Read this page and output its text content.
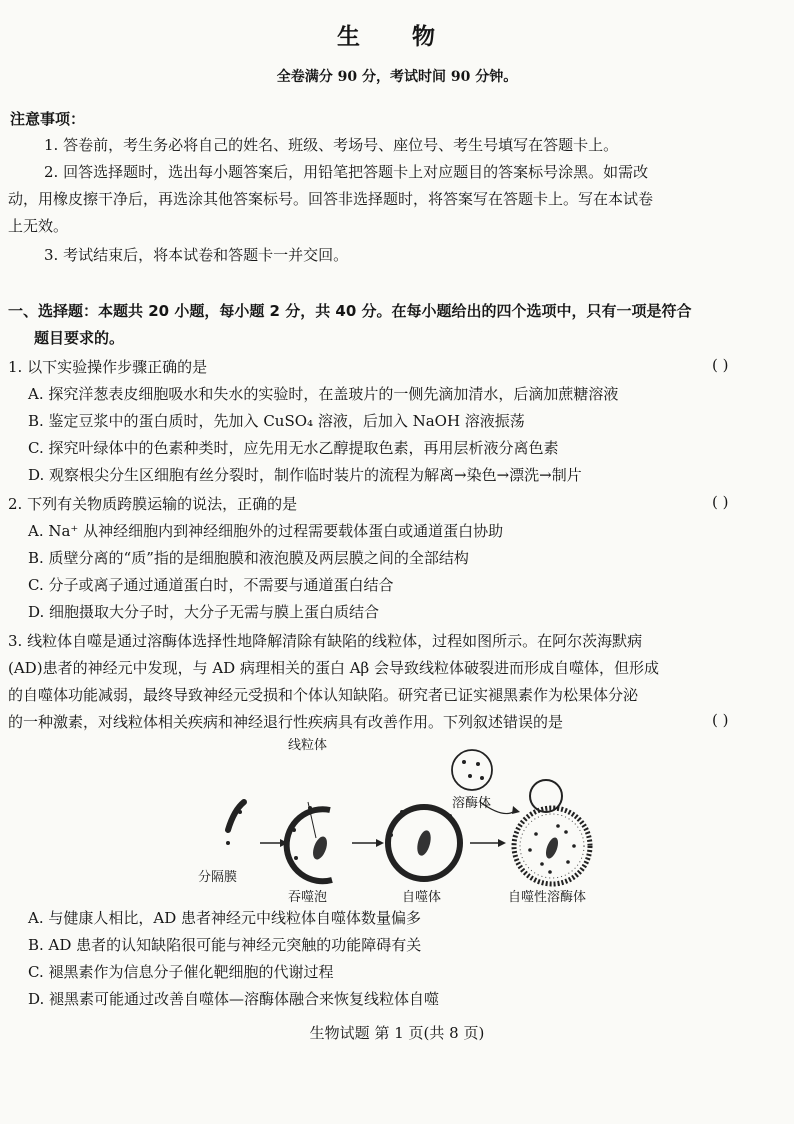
生 物
全卷满分 90 分，考试时间 90 分钟。
注意事项：
1. 答卷前，考生务必将自己的姓名、班级、考场号、座位号、考生号填写在答题卡上。
2. 回答选择题时，选出每小题答案后，用铅笔把答题卡上对应题目的答案标号涂黑。如需改
动，用橡皮擦干净后，再选涂其他答案标号。回答非选择题时，将答案写在答题卡上。写在本试卷
上无效。
3. 考试结束后，将本试卷和答题卡一并交回。
一、选择题：本题共 20 小题，每小题 2 分，共 40 分。在每小题给出的四个选项中，只有一项是符合
题目要求的。
1. 以下实验操作步骤正确的是	( )
A. 探究洋葱表皮细胞吸水和失水的实验时，在盖玻片的一侧先滴加清水，后滴加蔗糖溶液
B. 鉴定豆浆中的蛋白质时，先加入 CuSO₄ 溶液，后加入 NaOH 溶液振荡
C. 探究叶绿体中的色素种类时，应先用无水乙醇提取色素，再用层析液分离色素
D. 观察根尖分生区细胞有丝分裂时，制作临时装片的流程为解离→染色→漂洗→制片
2. 下列有关物质跨膜运输的说法，正确的是	( )
A. Na⁺ 从神经细胞内到神经细胞外的过程需要载体蛋白或通道蛋白协助
B. 质壁分离的“质”指的是细胞膜和液泡膜及两层膜之间的全部结构
C. 分子或离子通过通道蛋白时，不需要与通道蛋白结合
D. 细胞摄取大分子时，大分子无需与膜上蛋白质结合
3. 线粒体自噬是通过溶酶体选择性地降解清除有缺陷的线粒体，过程如图所示。在阿尔茨海默病
(AD)患者的神经元中发现，与 AD 病理相关的蛋白 Aβ 会导致线粒体破裂进而形成自噬体，但形成
的自噬体功能减弱，最终导致神经元受损和个体认知缺陷。研究者已证实褪黑素作为松果体分泌
的一种激素，对线粒体相关疾病和神经退行性疾病具有改善作用。下列叙述错误的是	( )
线粒体
溶酶体
分隔膜
吞噬泡	自噬体	自噬性溶酶体
A. 与健康人相比，AD 患者神经元中线粒体自噬体数量偏多
B. AD 患者的认知缺陷很可能与神经元突触的功能障碍有关
C. 褪黑素作为信息分子催化靶细胞的代谢过程
D. 褪黑素可能通过改善自噬体—溶酶体融合来恢复线粒体自噬
生物试题 第 1 页(共 8 页)
